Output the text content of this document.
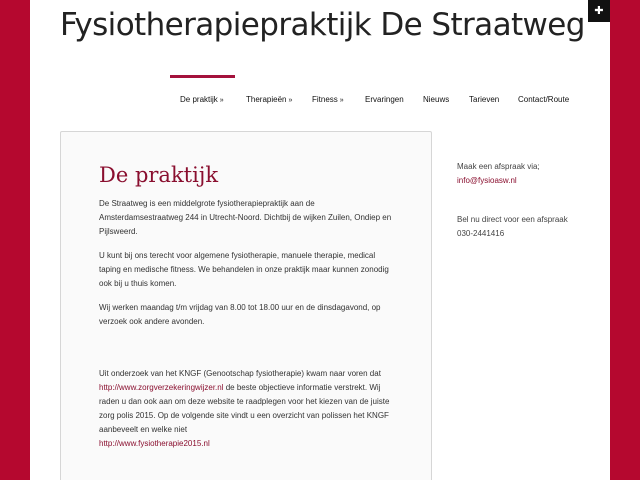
✚
Fysiotherapiepraktijk De Straatweg
De praktijk »	Therapieën » Fitness »	Ervaringen Nieuws Tarieven Contact/Route
De praktijk

De Straatweg is een middelgrote fysiotherapiepraktijk aan de Amsterdamsestraatweg 244 in Utrecht-Noord. Dichtbij de wijken Zuilen, Ondiep en Pijlsweerd.

U kunt bij ons terecht voor algemene fysiotherapie, manuele therapie, medical taping en medische fitness. We behandelen in onze praktijk maar kunnen zonodig ook bij u thuis komen.

Wij werken maandag t/m vrijdag van 8.00 tot 18.00 uur en de dinsdagavond, op verzoek ook andere avonden.

Uit onderzoek van het KNGF (Genootschap fysiotherapie) kwam naar voren dat http://www.zorgverzekeringwijzer.nl de beste objectieve informatie verstrekt. Wij raden u dan ook aan om deze website te raadplegen voor het kiezen van de juiste zorg polis 2015. Op de volgende site vindt u een overzicht van polissen het KNGF aanbeveelt en welke niet
http://www.fysiotherapie2015.nl

Maak een afspraak via;
info@fysioasw.nl
Bel nu direct voor een afspraak
030-2441416
